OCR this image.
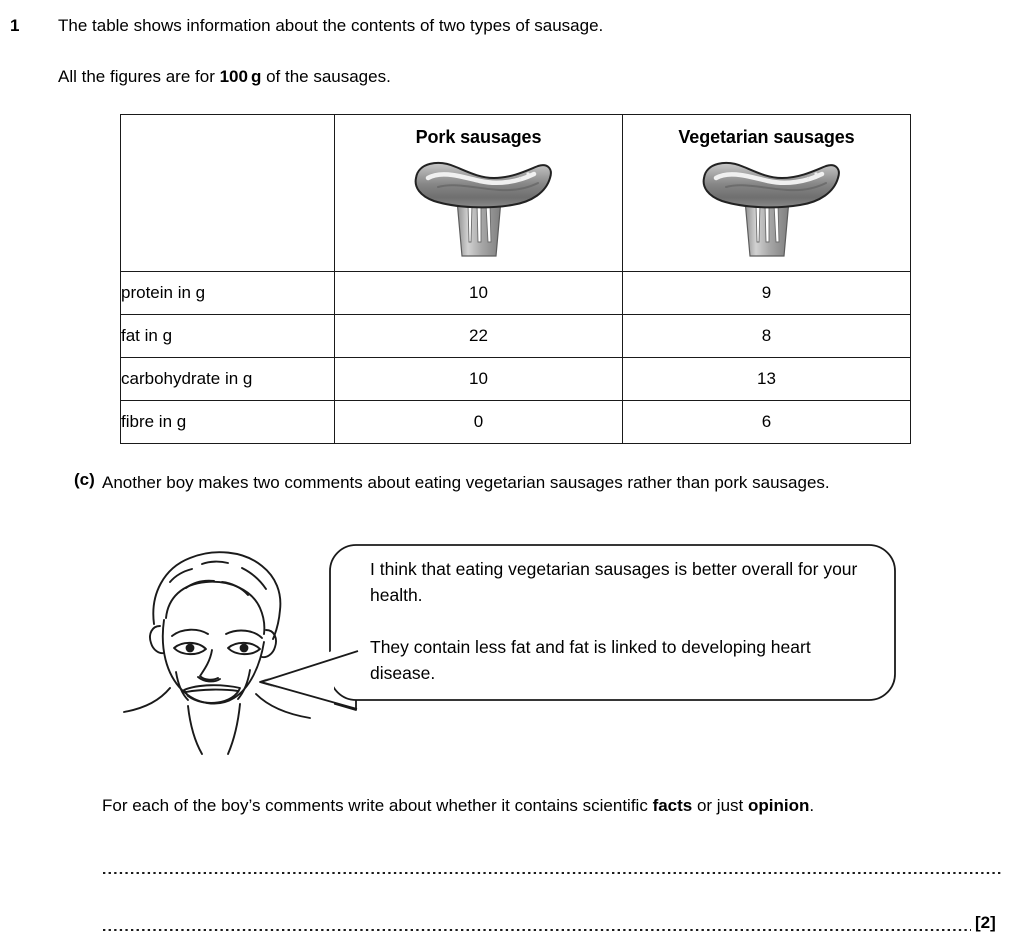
1 The table shows information about the contents of two types of sausage.
All the figures are for 100 g of the sausages.

	Pork sausages	Vegetarian sausages

protein in g	10	9
fat in g	22	8
carbohydrate in g	10	13
fibre in g	0	6
(c) Another boy makes two comments about eating vegetarian sausages rather than pork sausages.

I think that eating vegetarian sausages is better overall for your health.

They contain less fat and fat is linked to developing heart disease.

For each of the boy’s comments write about whether it contains scientific facts or just opinion.
[2]
